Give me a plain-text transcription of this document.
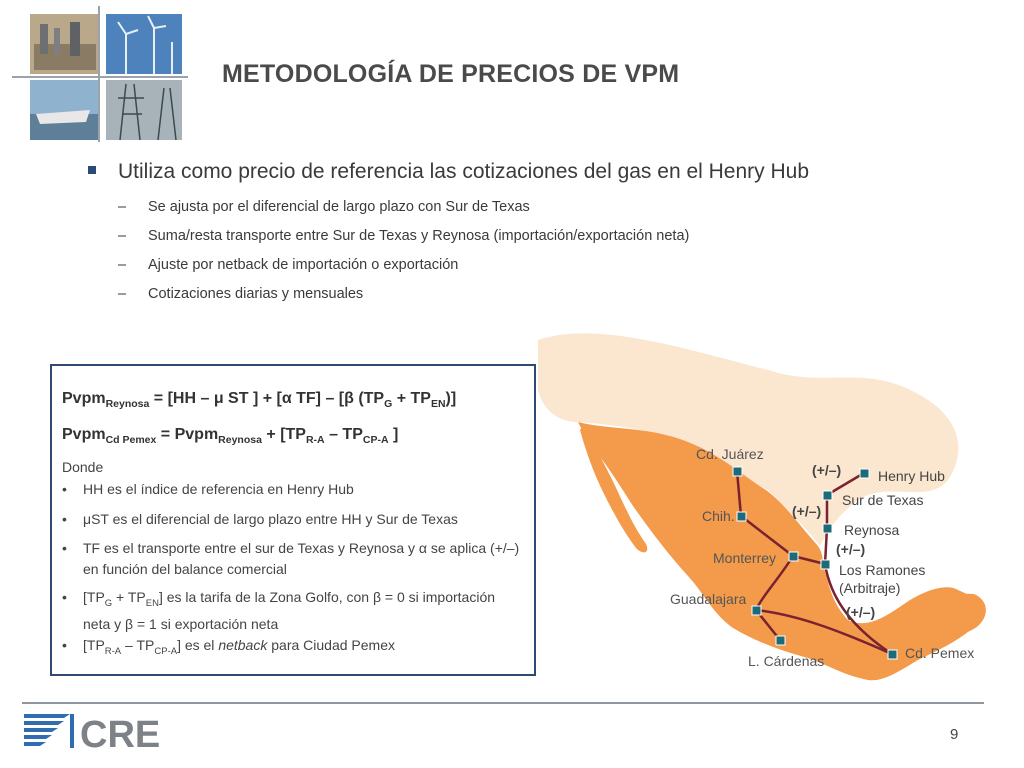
METODOLOGÍA DE PRECIOS DE VPM
Utiliza como precio de referencia las cotizaciones del gas en el Henry Hub
– Se ajusta por el diferencial de largo plazo con Sur de Texas
– Suma/resta transporte entre Sur de Texas y Reynosa (importación/exportación neta)
– Ajuste por netback de importación o exportación
– Cotizaciones diarias y mensuales
Cd. Juárez
Henry Hub
Sur de Texas
Chih.
Reynosa
Monterrey
Los Ramones
(Arbitraje)
Guadalajara
L. Cárdenas	Cd. Pemex
(+/–)
(+/–)
(+/–)
(+/–)
Pvpm$_{Reynosa}$ = [HH – μ ST ] + [α TF] – [β $(TP_G + TP_{EN})$]
Pvpm$_{Cd Pemex}$ = Pvpm$_{Reynosa}$ + [$TP_{R-A} - TP_{CP-A}$ ]
Donde
• HH es el índice de referencia en Henry Hub
• μST es el diferencial de largo plazo entre HH y Sur de Texas
• TF es el transporte entre el sur de Texas y Reynosa y α se aplica (+/–) en función del balance comercial
• $[TP_G + TP_{EN}]$ es la tarifa de la Zona Golfo, con β = 0 si importación neta y β = 1 si exportación neta
• $[TP_{R-A} - TP_{CP-A}]$ es el netback para Ciudad Pemex
CRE	9
